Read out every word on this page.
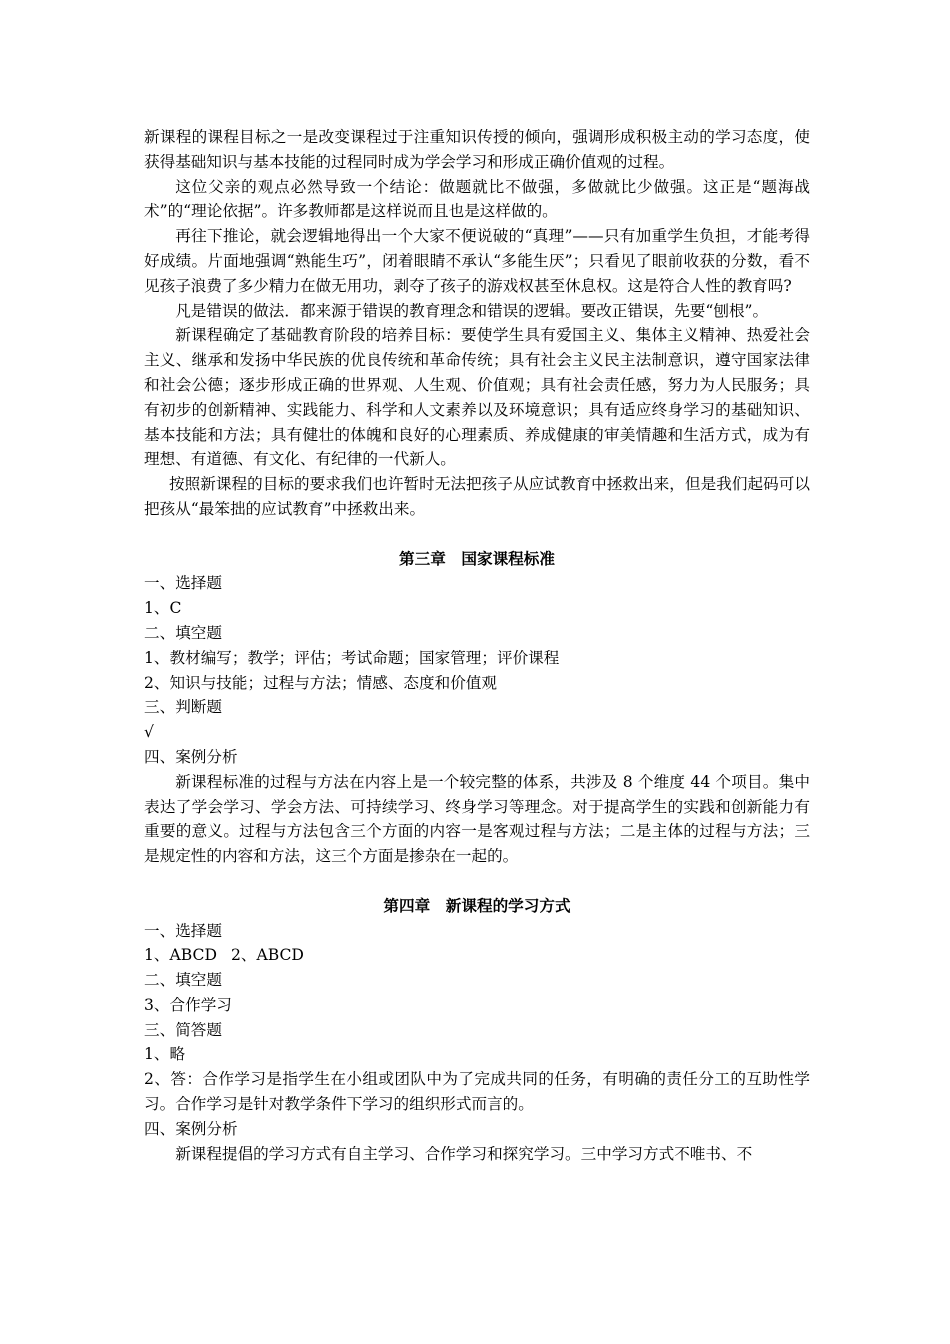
新课程的课程目标之一是改变课程过于注重知识传授的倾向，强调形成积极主动的学习态度，使获得基础知识与基本技能的过程同时成为学会学习和形成正确价值观的过程。

这位父亲的观点必然导致一个结论：做题就比不做强，多做就比少做强。这正是“题海战术”的“理论依据”。许多教师都是这样说而且也是这样做的。

再往下推论，就会逻辑地得出一个大家不便说破的“真理”——只有加重学生负担，才能考得好成绩。片面地强调“熟能生巧”，闭着眼睛不承认“多能生厌”；只看见了眼前收获的分数，看不见孩子浪费了多少精力在做无用功，剥夺了孩子的游戏权甚至休息权。这是符合人性的教育吗?

凡是错误的做法．都来源于错误的教育理念和错误的逻辑。要改正错误，先要“刨根”。

新课程确定了基础教育阶段的培养目标：要使学生具有爱国主义、集体主义精神、热爱社会主义、继承和发扬中华民族的优良传统和革命传统；具有社会主义民主法制意识，遵守国家法律和社会公德；逐步形成正确的世界观、人生观、价值观；具有社会责任感，努力为人民服务；具有初步的创新精神、实践能力、科学和人文素养以及环境意识；具有适应终身学习的基础知识、基本技能和方法；具有健壮的体魄和良好的心理素质、养成健康的审美情趣和生活方式，成为有理想、有道德、有文化、有纪律的一代新人。

按照新课程的目标的要求我们也许暂时无法把孩子从应试教育中拯救出来，但是我们起码可以把孩从“最笨拙的应试教育”中拯救出来。

第三章　国家课程标准

一、选择题

1、C

二、填空题

1、教材编写；教学；评估；考试命题；国家管理；评价课程

2、知识与技能；过程与方法；情感、态度和价值观

三、判断题

√

四、案例分析

新课程标准的过程与方法在内容上是一个较完整的体系，共涉及 8 个维度 44 个项目。集中表达了学会学习、学会方法、可持续学习、终身学习等理念。对于提高学生的实践和创新能力有重要的意义。过程与方法包含三个方面的内容一是客观过程与方法；二是主体的过程与方法；三是规定性的内容和方法，这三个方面是掺杂在一起的。

第四章　新课程的学习方式

一、选择题

1、ABCD 2、ABCD

二、填空题

3、合作学习

三、简答题

1、略

2、答：合作学习是指学生在小组或团队中为了完成共同的任务，有明确的责任分工的互助性学习。合作学习是针对教学条件下学习的组织形式而言的。

四、案例分析

新课程提倡的学习方式有自主学习、合作学习和探究学习。三中学习方式不唯书、不
